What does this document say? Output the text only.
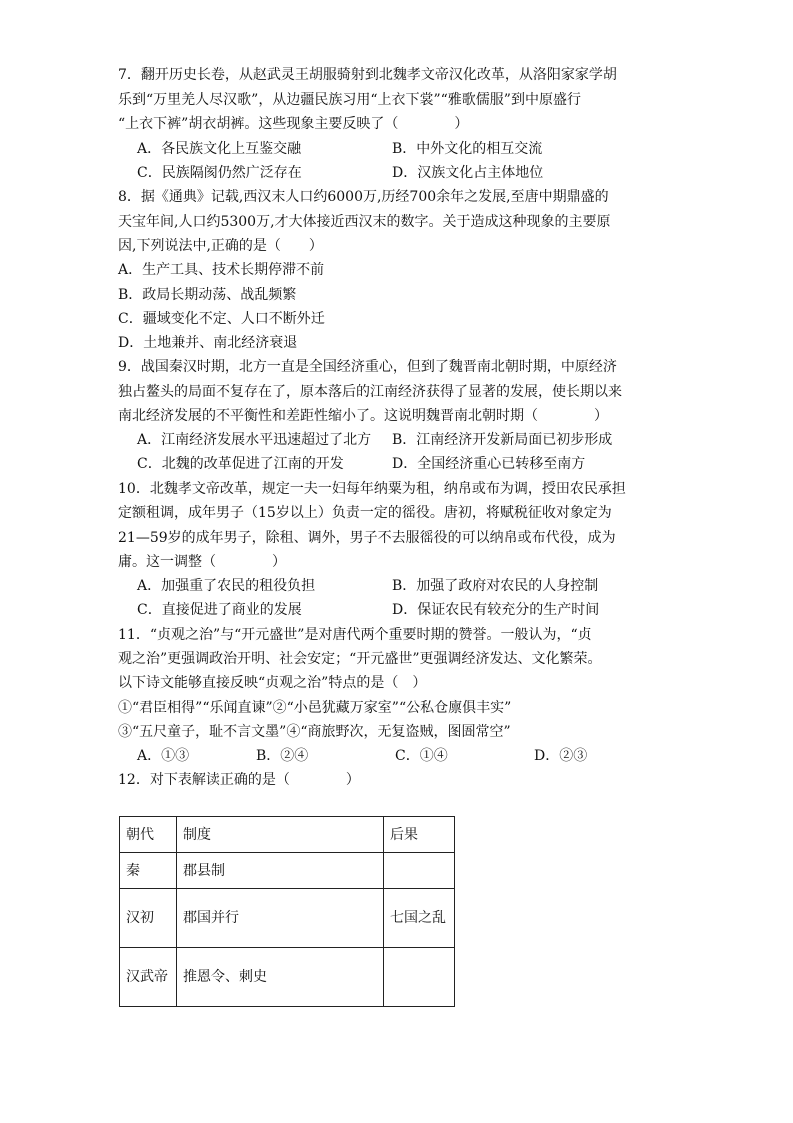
7．翻开历史长卷，从赵武灵王胡服骑射到北魏孝文帝汉化改革，从洛阳家家学胡
乐到“万里羌人尽汉歌”，从边疆民族习用“上衣下裳”“雅歌儒服”到中原盛行
“上衣下裤”胡衣胡裤。这些现象主要反映了（　　　　）
A．各民族文化上互鉴交融	B．中外文化的相互交流
C．民族隔阂仍然广泛存在	D．汉族文化占主体地位
8．据《通典》记载,西汉末人口约6000万,历经700余年之发展,至唐中期鼎盛的
天宝年间,人口约5300万,才大体接近西汉末的数字。关于造成这种现象的主要原
因,下列说法中,正确的是（　　）
A．生产工具、技术长期停滞不前
B．政局长期动荡、战乱频繁
C．疆域变化不定、人口不断外迁
D．土地兼并、南北经济衰退
9．战国秦汉时期，北方一直是全国经济重心，但到了魏晋南北朝时期，中原经济
独占鳌头的局面不复存在了，原本落后的江南经济获得了显著的发展，使长期以来
南北经济发展的不平衡性和差距性缩小了。这说明魏晋南北朝时期（　　　　）
A．江南经济发展水平迅速超过了北方 B．江南经济开发新局面已初步形成
C．北魏的改革促进了江南的开发	D．全国经济重心已转移至南方
10．北魏孝文帝改革，规定一夫一妇每年纳粟为租，纳帛或布为调，授田农民承担
定额租调，成年男子（15岁以上）负责一定的徭役。唐初，将赋税征收对象定为
21—59岁的成年男子，除租、调外，男子不去服徭役的可以纳帛或布代役，成为
庸。这一调整（　　　　）
A．加强重了农民的租役负担	B．加强了政府对农民的人身控制
C．直接促进了商业的发展	D．保证农民有较充分的生产时间
11．“贞观之治”与“开元盛世”是对唐代两个重要时期的赞誉。一般认为，“贞
观之治”更强调政治开明、社会安定；“开元盛世”更强调经济发达、文化繁荣。
以下诗文能够直接反映“贞观之治”特点的是（　）
①“君臣相得”“乐闻直谏”②“小邑犹藏万家室”“公私仓廪俱丰实”
③“五尺童子，耻不言文墨”④“商旅野次，无复盗贼，图圄常空”
A．①③	B．②④	C．①④	D．②③
12．对下表解读正确的是（　　　　）
朝代	制度	后果
秦	郡县制	
汉初	郡国并行	七国之乱
汉武帝	推恩令、刺史	
